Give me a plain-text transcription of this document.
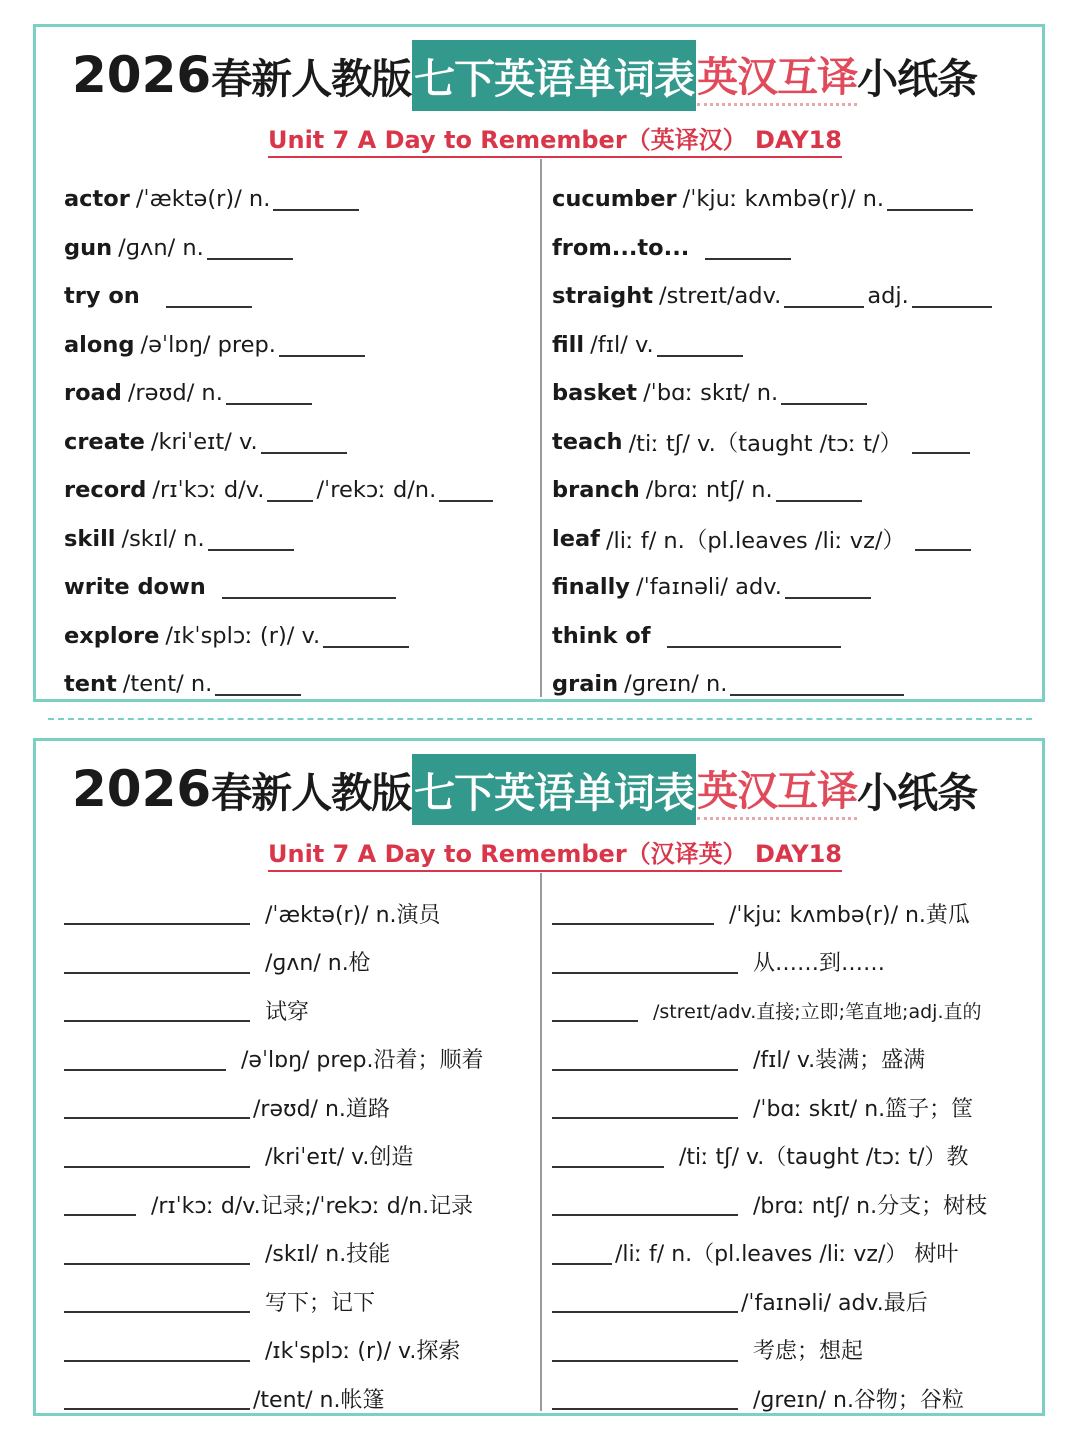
2026 春新人教版 七下英语单词表 英汉互译 小纸条
Unit 7 A Day to Remember（英译汉） DAY18
actor /ˈæktə(r)/ n.
gun /ɡʌn/ n.
try on
along /əˈlɒŋ/ prep.
road /rəʊd/ n.
create /kriˈeɪt/ v.
record /rɪˈkɔː d/v. /ˈrekɔː d/n.
skill /skɪl/ n.
write down
explore /ɪkˈsplɔː (r)/ v.
tent /tent/ n.
cucumber /ˈkjuː kʌmbə(r)/ n.
from...to...
straight /streɪt/adv.	adj.
fill /fɪl/ v.
basket /ˈbɑː skɪt/ n.
teach /tiː tʃ/ v.（taught /tɔː t/）
branch /brɑː ntʃ/ n.
leaf /liː f/ n.（pl.leaves /liː vz/）
finally /ˈfaɪnəli/ adv.
think of
grain /ɡreɪn/ n.
2026 春新人教版 七下英语单词表 英汉互译 小纸条
Unit 7 A Day to Remember（汉译英） DAY18
/ˈæktə(r)/ n.演员
/ɡʌn/ n.枪
试穿
/əˈlɒŋ/ prep.沿着；顺着
/rəʊd/ n.道路
/kriˈeɪt/ v.创造
/rɪˈkɔː d/v.记录;/ˈrekɔː d/n.记录
/skɪl/ n.技能
写下；记下
/ɪkˈsplɔː (r)/ v.探索
/tent/ n.帐篷
/ˈkjuː kʌmbə(r)/ n.黄瓜
从……到……
/streɪt/adv.直接;立即;笔直地;adj.直的
/fɪl/ v.装满；盛满
/ˈbɑː skɪt/ n.篮子；筐
/tiː tʃ/ v.（taught /tɔː t/）教
/brɑː ntʃ/ n.分支；树枝
/liː f/ n.（pl.leaves /liː vz/） 树叶
/ˈfaɪnəli/ adv.最后
考虑；想起
/ɡreɪn/ n.谷物；谷粒
